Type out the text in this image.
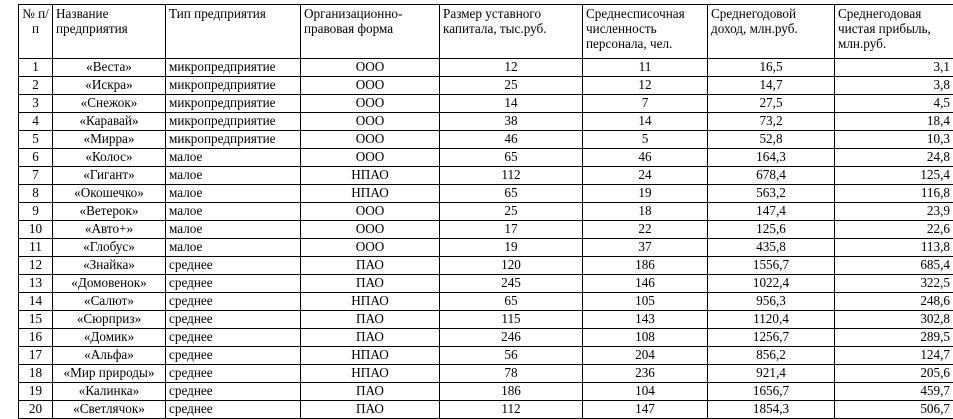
№ п/п	Название предприятия	Тип предприятия	Организационно-правовая форма	Размер уставного капитала, тыс.руб.	Среднесписочная численность персонала, чел.	Среднегодовой доход, млн.руб.	Среднегодовая чистая прибыль, млн.руб.
1	«Веста»	микропредприятие	ООО	12	11	16,5	3,1
2	«Искра»	микропредприятие	ООО	25	12	14,7	3,8
3	«Снежок»	микропредприятие	ООО	14	7	27,5	4,5
4	«Каравай»	микропредприятие	ООО	38	14	73,2	18,4
5	«Мирра»	микропредприятие	ООО	46	5	52,8	10,3
6	«Колос»	малое	ООО	65	46	164,3	24,8
7	«Гигант»	малое	НПАО	112	24	678,4	125,4
8	«Окошечко»	малое	НПАО	65	19	563,2	116,8
9	«Ветерок»	малое	ООО	25	18	147,4	23,9
10	«Авто+»	малое	ООО	17	22	125,6	22,6
11	«Глобус»	малое	ООО	19	37	435,8	113,8
12	«Знайка»	среднее	ПАО	120	186	1556,7	685,4
13	«Домовенок»	среднее	ПАО	245	146	1022,4	322,5
14	«Салют»	среднее	НПАО	65	105	956,3	248,6
15	«Сюрприз»	среднее	ПАО	115	143	1120,4	302,8
16	«Домик»	среднее	ПАО	246	108	1256,7	289,5
17	«Альфа»	среднее	НПАО	56	204	856,2	124,7
18	«Мир природы»	среднее	НПАО	78	236	921,4	205,6
19	«Калинка»	среднее	ПАО	186	104	1656,7	459,7
20	«Светлячок»	среднее	ПАО	112	147	1854,3	506,7
